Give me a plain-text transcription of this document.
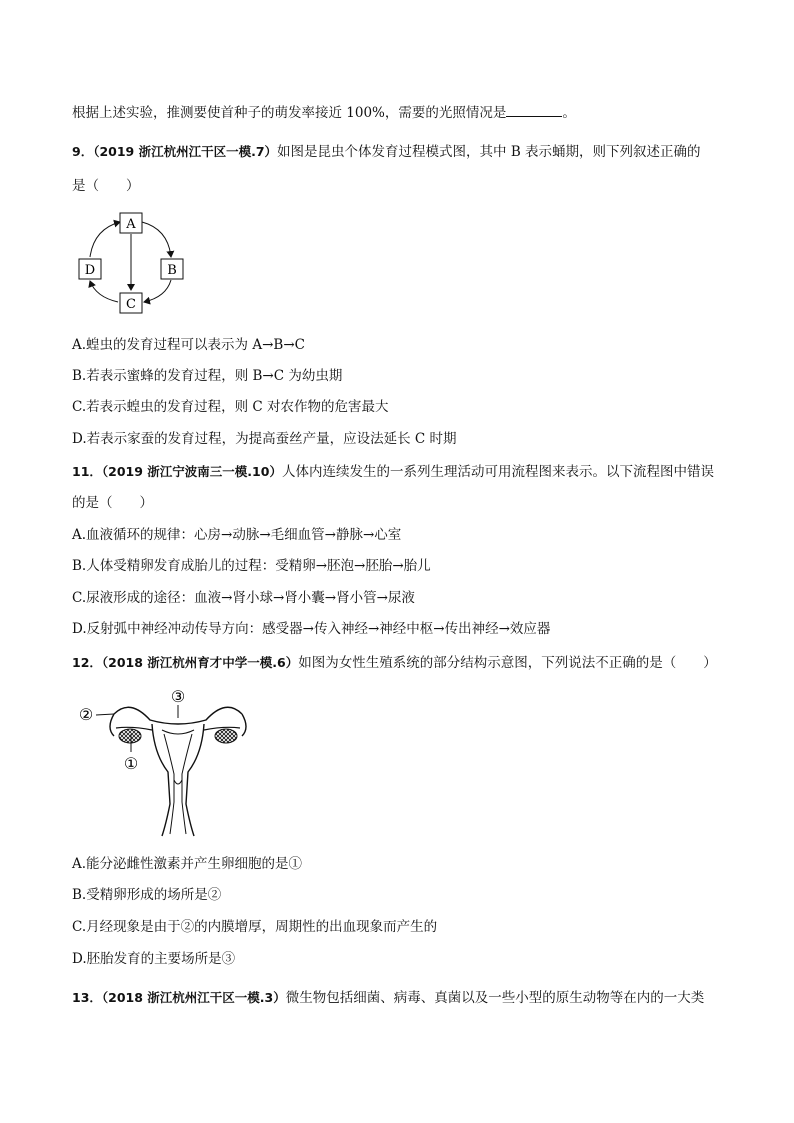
根据上述实验，推测要使首种子的萌发率接近 100%，需要的光照情况是	。
9．（2019 浙江杭州江干区一模.7）如图是昆虫个体发育过程模式图，其中 B 表示蛹期，则下列叙述正确的
是（　　）
A
B
C
D
A.蝗虫的发育过程可以表示为 A→B→C
B.若表示蜜蜂的发育过程，则 B→C 为幼虫期
C.若表示蝗虫的发育过程，则 C 对农作物的危害最大
D.若表示家蚕的发育过程，为提高蚕丝产量，应设法延长 C 时期
11．（2019 浙江宁波南三一模.10）人体内连续发生的一系列生理活动可用流程图来表示。以下流程图中错误
的是（　　）
A.血液循环的规律：心房→动脉→毛细血管→静脉→心室
B.人体受精卵发育成胎儿的过程：受精卵→胚泡→胚胎→胎儿
C.尿液形成的途径：血液→肾小球→肾小囊→肾小管→尿液
D.反射弧中神经冲动传导方向：感受器→传入神经→神经中枢→传出神经→效应器
12．（2018 浙江杭州育才中学一模.6）如图为女性生殖系统的部分结构示意图，下列说法不正确的是（　　）
③
②
①
A.能分泌雌性激素并产生卵细胞的是①
B.受精卵形成的场所是②
C.月经现象是由于②的内膜增厚，周期性的出血现象而产生的
D.胚胎发育的主要场所是③
13．（2018 浙江杭州江干区一模.3）微生物包括细菌、病毒、真菌以及一些小型的原生动物等在内的一大类
